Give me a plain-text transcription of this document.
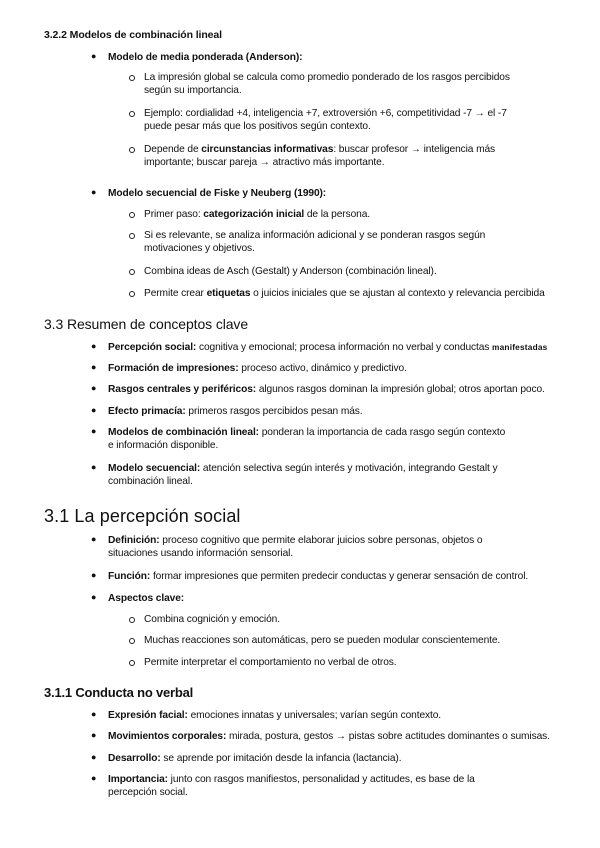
3.2.2 Modelos de combinación lineal
● Modelo de media ponderada (Anderson):
La impresión global se calcula como promedio ponderado de los rasgos percibidos
según su importancia.
Ejemplo: cordialidad +4, inteligencia +7, extroversión +6, competitividad -7 → el -7
puede pesar más que los positivos según contexto.
Depende de circunstancias informativas: buscar profesor → inteligencia más
importante; buscar pareja → atractivo más importante.
● Modelo secuencial de Fiske y Neuberg (1990):
Primer paso: categorización inicial de la persona.
Si es relevante, se analiza información adicional y se ponderan rasgos según
motivaciones y objetivos.
Combina ideas de Asch (Gestalt) y Anderson (combinación lineal).
Permite crear etiquetas o juicios iniciales que se ajustan al contexto y relevancia percibida
3.3 Resumen de conceptos clave
● Percepción social: cognitiva y emocional; procesa información no verbal y conductas manifestadas
● Formación de impresiones: proceso activo, dinámico y predictivo.
● Rasgos centrales y periféricos: algunos rasgos dominan la impresión global; otros aportan poco.
● Efecto primacía: primeros rasgos percibidos pesan más.
● Modelos de combinación lineal: ponderan la importancia de cada rasgo según contexto
e información disponible.
● Modelo secuencial: atención selectiva según interés y motivación, integrando Gestalt y
combinación lineal.
3.1 La percepción social
● Definición: proceso cognitivo que permite elaborar juicios sobre personas, objetos o
situaciones usando información sensorial.
● Función: formar impresiones que permiten predecir conductas y generar sensación de control.
● Aspectos clave:
Combina cognición y emoción.
Muchas reacciones son automáticas, pero se pueden modular conscientemente.
Permite interpretar el comportamiento no verbal de otros.
3.1.1 Conducta no verbal
● Expresión facial: emociones innatas y universales; varían según contexto.
● Movimientos corporales: mirada, postura, gestos → pistas sobre actitudes dominantes o sumisas.
● Desarrollo: se aprende por imitación desde la infancia (lactancia).
● Importancia: junto con rasgos manifiestos, personalidad y actitudes, es base de la
percepción social.
